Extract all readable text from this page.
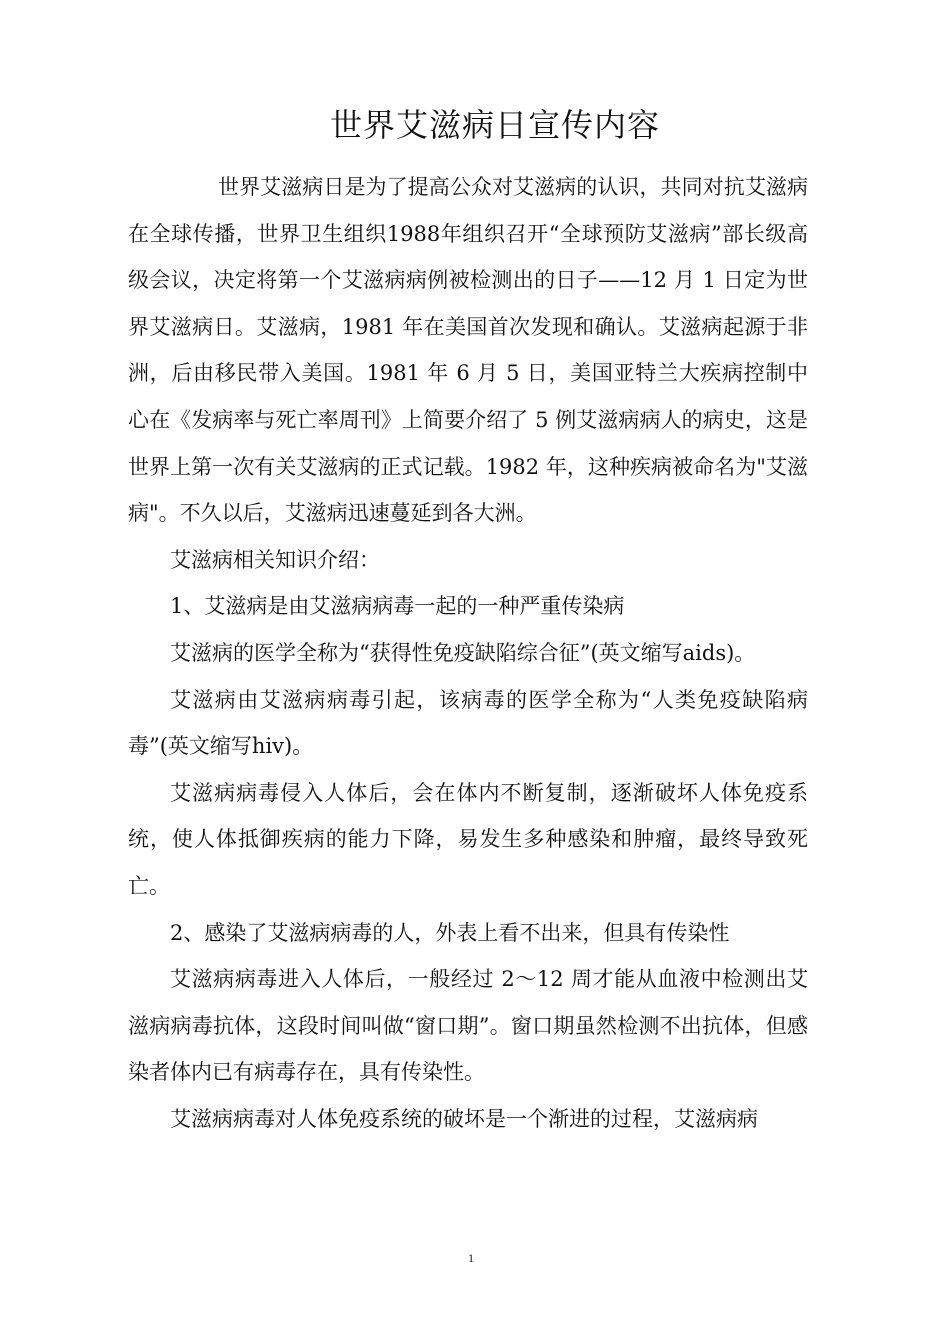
世界艾滋病日宣传内容

世界艾滋病日是为了提高公众对艾滋病的认识，共同对抗艾滋病在全球传播，世界卫生组织1988年组织召开“全球预防艾滋病”部长级高级会议，决定将第一个艾滋病病例被检测出的日子——12 月 1 日定为世界艾滋病日。艾滋病，1981 年在美国首次发现和确认。艾滋病起源于非洲，后由移民带入美国。1981 年 6 月 5 日，美国亚特兰大疾病控制中心在《发病率与死亡率周刊》上简要介绍了 5 例艾滋病病人的病史，这是世界上第一次有关艾滋病的正式记载。1982 年，这种疾病被命名为"艾滋病"。不久以后，艾滋病迅速蔓延到各大洲。

艾滋病相关知识介绍：

1、艾滋病是由艾滋病病毒一起的一种严重传染病

艾滋病的医学全称为“获得性免疫缺陷综合征”(英文缩写aids)。

艾滋病由艾滋病病毒引起，该病毒的医学全称为“人类免疫缺陷病毒”(英文缩写hiv)。

艾滋病病毒侵入人体后，会在体内不断复制，逐渐破坏人体免疫系统，使人体抵御疾病的能力下降，易发生多种感染和肿瘤，最终导致死亡。

2、感染了艾滋病病毒的人，外表上看不出来，但具有传染性

艾滋病病毒进入人体后，一般经过 2～12 周才能从血液中检测出艾滋病病毒抗体，这段时间叫做“窗口期”。窗口期虽然检测不出抗体，但感染者体内已有病毒存在，具有传染性。

艾滋病病毒对人体免疫系统的破坏是一个渐进的过程，艾滋病病

1
